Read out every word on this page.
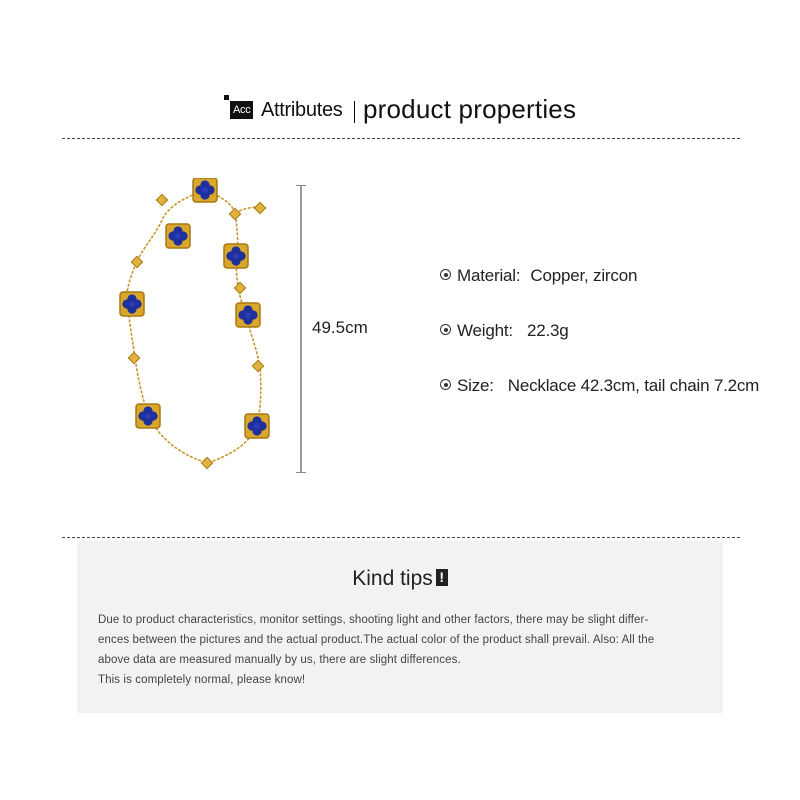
Acc Attributes product properties
49.5cm
Material: Copper, zircon
Weight: 22.3g
Size: Necklace 42.3cm, tail chain 7.2cm
Kind tips !

Due to product characteristics, monitor settings, shooting light and other factors, there may be slight differ-

ences between the pictures and the actual product.The actual color of the product shall prevail. Also: All the

above data are measured manually by us, there are slight differences.

This is completely normal, please know!
